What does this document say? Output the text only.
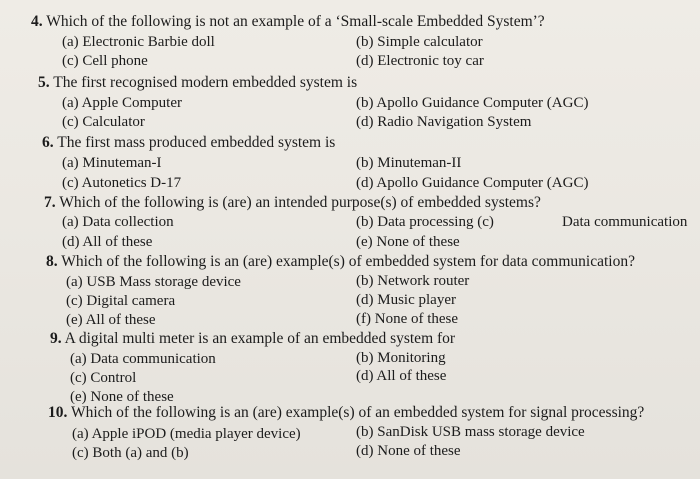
4. Which of the following is not an example of a ‘Small-scale Embedded System’?
(a) Electronic Barbie doll	(b) Simple calculator
(c) Cell phone	(d) Electronic toy car
5. The first recognised modern embedded system is
(a) Apple Computer	(b) Apollo Guidance Computer (AGC)
(c) Calculator	(d) Radio Navigation System
6. The first mass produced embedded system is
(a) Minuteman-I	(b) Minuteman-II
(c) Autonetics D-17	(d) Apollo Guidance Computer (AGC)
7. Which of the following is (are) an intended purpose(s) of embedded systems?
(a) Data collection	(b) Data processing (c)	Data communication
(d) All of these	(e) None of these
8. Which of the following is an (are) example(s) of embedded system for data communication?
(a) USB Mass storage device	(b) Network router
(c) Digital camera	(d) Music player
(e) All of these	(f) None of these
9. A digital multi meter is an example of an embedded system for
(a) Data communication	(b) Monitoring
(c) Control	(d) All of these
(e) None of these
10. Which of the following is an (are) example(s) of an embedded system for signal processing?
(a) Apple iPOD (media player device)	(b) SanDisk USB mass storage device
(c) Both (a) and (b)	(d) None of these
